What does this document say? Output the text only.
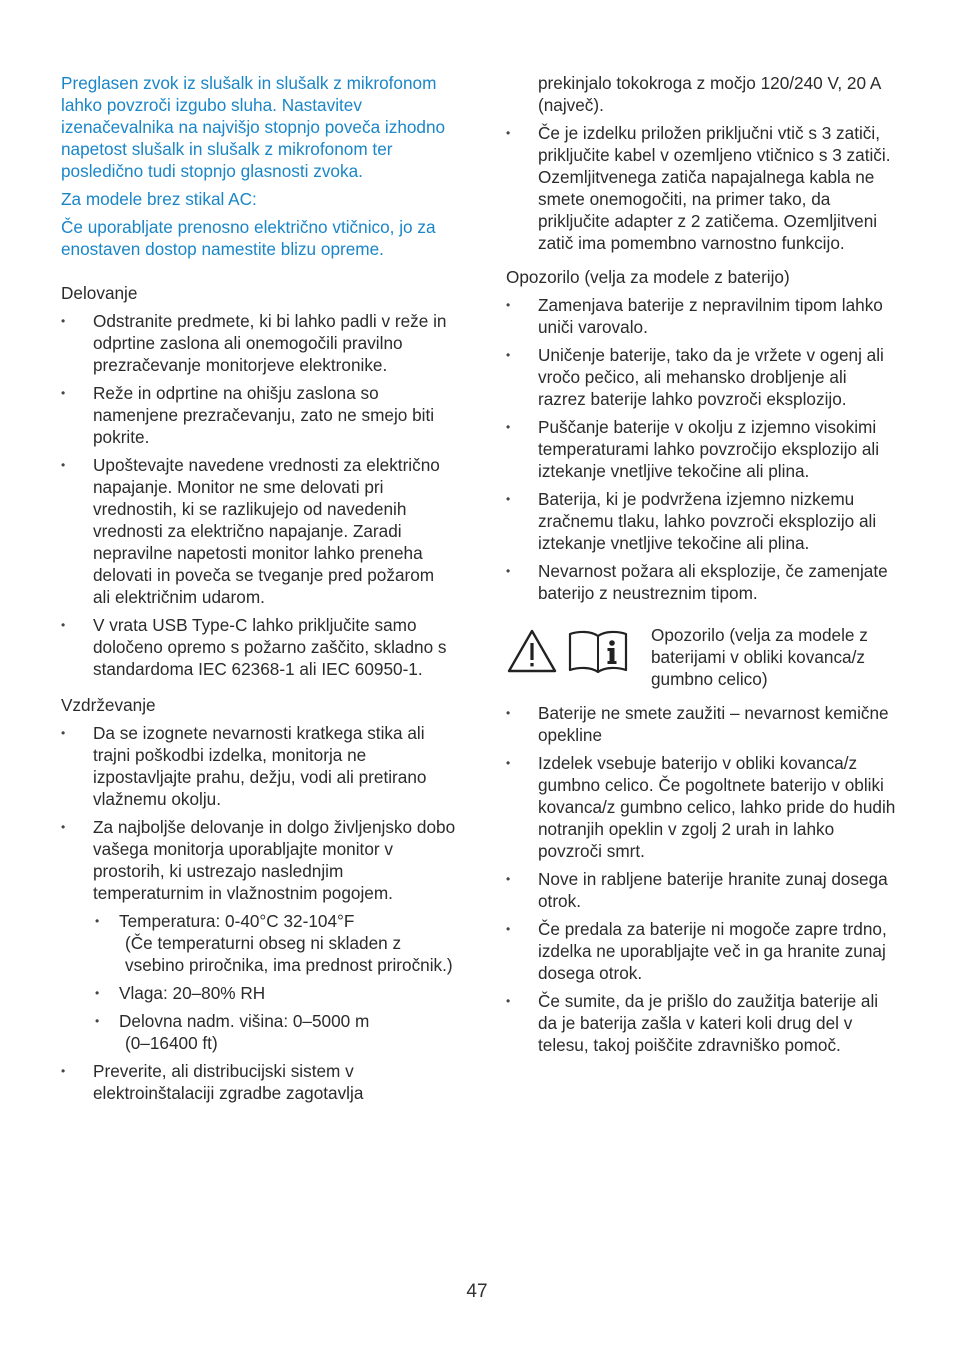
Preglasen zvok iz slušalk in slušalk z mikrofonom lahko povzroči izgubo sluha. Nastavitev izenačevalnika na najvišjo stopnjo poveča izhodno napetost slušalk in slušalk z mikrofonom ter posledično tudi stopnjo glasnosti zvoka.

Za modele brez stikal AC:

Če uporabljate prenosno električno vtičnico, jo za enostaven dostop namestite blizu opreme.

Delovanje

• Odstranite predmete, ki bi lahko padli v reže in odprtine zaslona ali onemogočili pravilno prezračevanje monitorjeve elektronike.
• Reže in odprtine na ohišju zaslona so namenjene prezračevanju, zato ne smejo biti pokrite.
• Upoštevajte navedene vrednosti za električno napajanje. Monitor ne sme delovati pri vrednostih, ki se razlikujejo od navedenih vrednosti za električno napajanje. Zaradi nepravilne napetosti monitor lahko preneha delovati in poveča se tveganje pred požarom ali električnim udarom.
• V vrata USB Type-C lahko priključite samo določeno opremo s požarno zaščito, skladno s standardoma IEC 62368-1 ali IEC 60950-1.

Vzdrževanje

• Da se izognete nevarnosti kratkega stika ali trajni poškodbi izdelka, monitorja ne izpostavljajte prahu, dežju, vodi ali pretirano vlažnemu okolju.
• Za najboljše delovanje in dolgo življenjsko dobo vašega monitorja uporabljajte monitor v prostorih, ki ustrezajo naslednjim temperaturnim in vlažnostnim pogojem.
• Temperatura: 0-40°C 32-104°F
(Če temperaturni obseg ni skladen z vsebino priročnika, ima prednost priročnik.)
• Vlaga: 20–80% RH
• Delovna nadm. višina: 0–5000 m
(0–16400 ft)
• Preverite, ali distribucijski sistem v elektroinštalaciji zgradbe zagotavlja
prekinjalo tokokroga z močjo 120/240 V, 20 A (največ).
• Če je izdelku priložen priključni vtič s 3 zatiči, priključite kabel v ozemljeno vtičnico s 3 zatiči. Ozemljitvenega zatiča napajalnega kabla ne smete onemogočiti, na primer tako, da priključite adapter z 2 zatičema. Ozemljitveni zatič ima pomembno varnostno funkcijo.

Opozorilo (velja za modele z baterijo)

• Zamenjava baterije z nepravilnim tipom lahko uniči varovalo.
• Uničenje baterije, tako da je vržete v ogenj ali vročo pečico, ali mehansko drobljenje ali razrez baterije lahko povzroči eksplozijo.
• Puščanje baterije v okolju z izjemno visokimi temperaturami lahko povzročijo eksplozijo ali iztekanje vnetljive tekočine ali plina.
• Baterija, ki je podvržena izjemno nizkemu zračnemu tlaku, lahko povzroči eksplozijo ali iztekanje vnetljive tekočine ali plina.
• Nevarnost požara ali eksplozije, če zamenjate baterijo z neustreznim tipom.

Opozorilo (velja za modele z baterijami v obliki kovanca/z gumbno celico)

• Baterije ne smete zaužiti – nevarnost kemične opekline
• Izdelek vsebuje baterijo v obliki kovanca/z gumbno celico. Če pogoltnete baterijo v obliki kovanca/z gumbno celico, lahko pride do hudih notranjih opeklin v zgolj 2 urah in lahko povzroči smrt.
• Nove in rabljene baterije hranite zunaj dosega otrok.
• Če predala za baterije ni mogoče zapre trdno, izdelka ne uporabljajte več in ga hranite zunaj dosega otrok.
• Če sumite, da je prišlo do zaužitja baterije ali da je baterija zašla v kateri koli drug del v telesu, takoj poiščite zdravniško pomoč.
47
